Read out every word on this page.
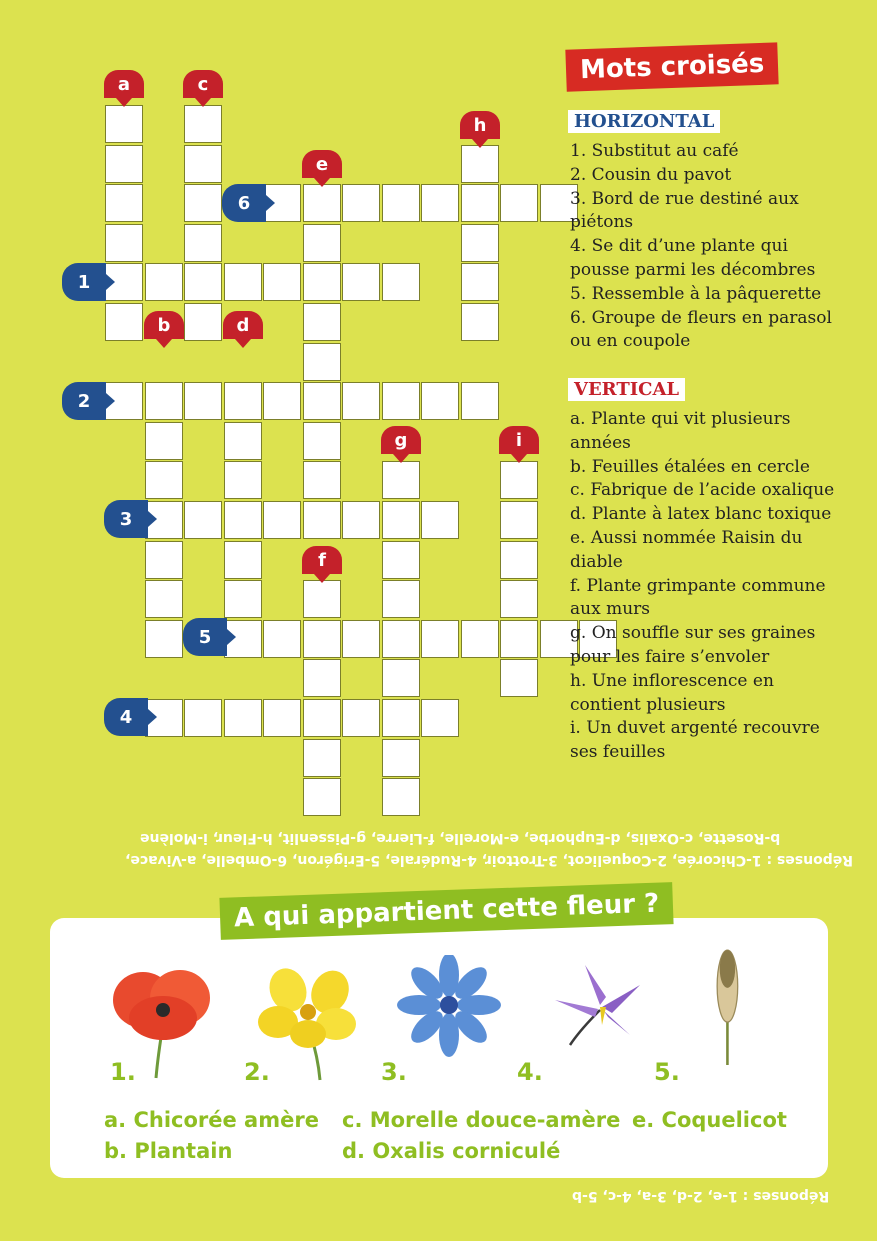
a	c
h
e
b	d
g	i
f
1
2
3
4
5
6
Mots croisés
HORIZONTAL
1. Substitut au café
2. Cousin du pavot
3. Bord de rue destiné aux piétons
4. Se dit d’une plante qui pousse parmi les décombres
5. Ressemble à la pâquerette
6. Groupe de fleurs en parasol ou en coupole
VERTICAL
a. Plante qui vit plusieurs années
b. Feuilles étalées en cercle
c. Fabrique de l’acide oxalique
d. Plante à latex blanc toxique
e. Aussi nommée Raisin du diable
f. Plante grimpante commune aux murs
g. On souffle sur ses graines pour les faire s’envoler
h. Une inflorescence en contient plusieurs
i. Un duvet argenté recouvre ses feuilles
b-Rosette, c-Oxalis, d-Euphorbe, e-Morelle, f-Lierre, g-Pissenlit, h-Fleur, i-Molène
Réponses : 1-Chicorée, 2-Coquelicot, 3-Trottoir, 4-Rudérale, 5-Erigéron, 6-Ombelle, a-Vivace,
A qui appartient cette fleur ?
1.	2.	3.	4.	5.
a. Chicorée amère
b. Plantain
c. Morelle douce-amère
d. Oxalis corniculé
e. Coquelicot
Réponses : 1-e, 2-d, 3-a, 4-c, 5-b
